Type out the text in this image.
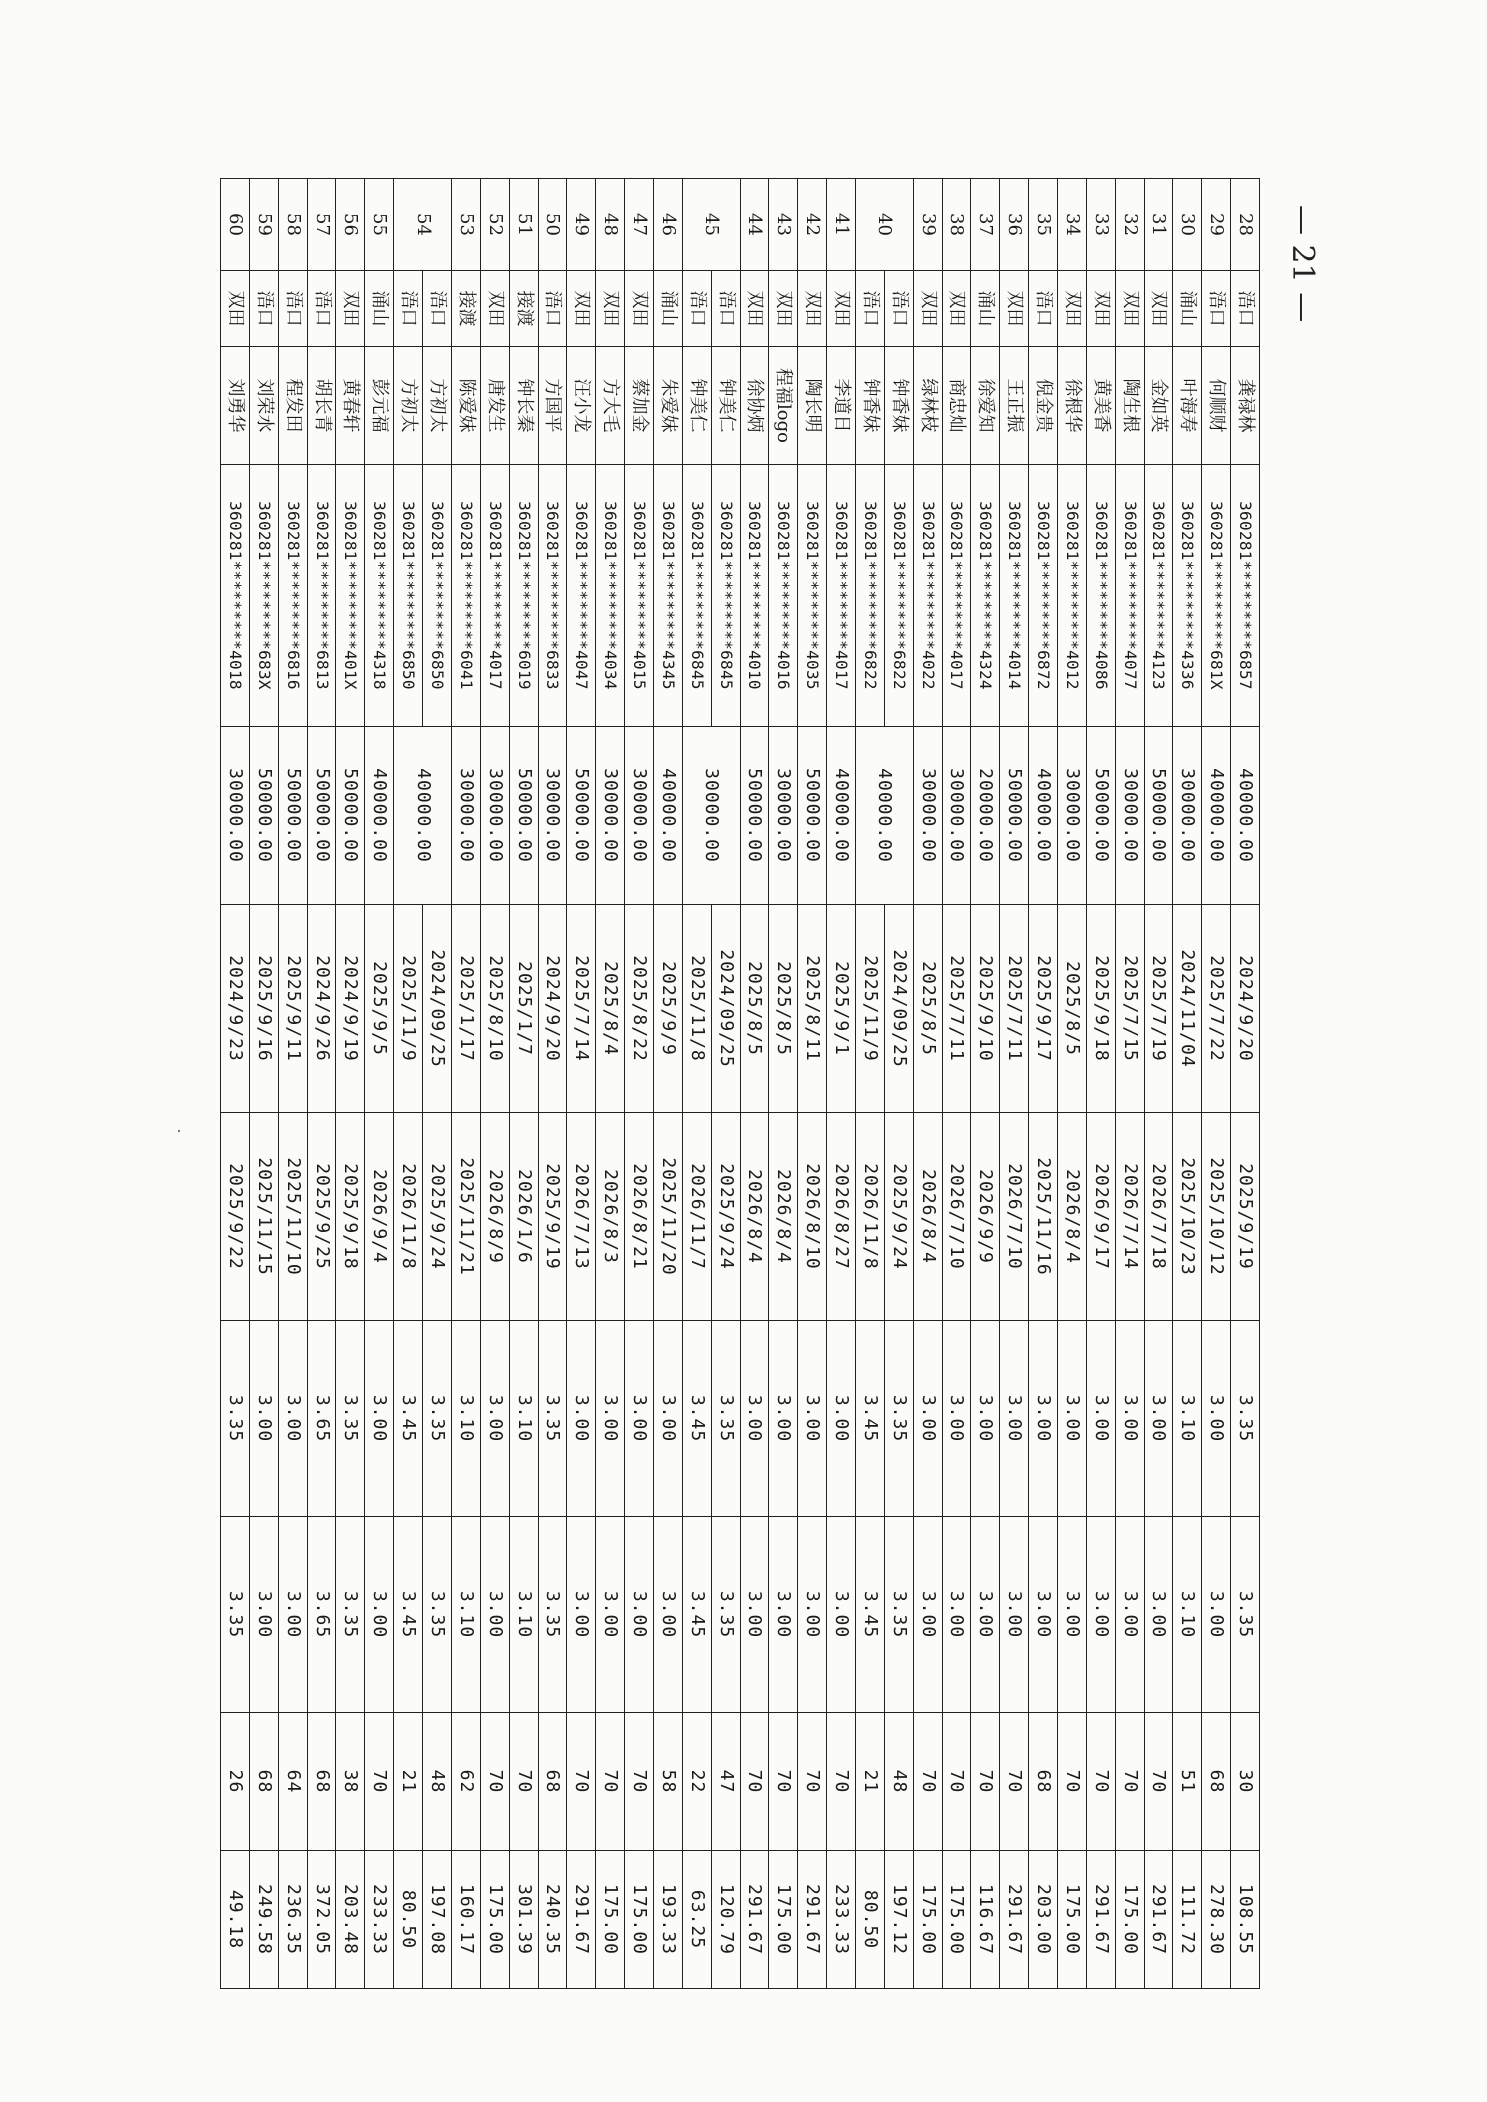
28	浯口	龚禄林	360281*********6857	40000.00	2024/9/20	2025/9/19	3.35	3.35	30	108.55
29	浯口	何顺财	360281*********681X	40000.00	2025/7/22	2025/10/12	3.00	3.00	68	278.30
30	涌山	叶海寿	360281*********4336	30000.00	2024/11/04	2025/10/23	3.10	3.10	51	111.72
31	双田	金如英	360281*********4123	50000.00	2025/7/19	2026/7/18	3.00	3.00	70	291.67
32	双田	陶生根	360281*********4077	30000.00	2025/7/15	2026/7/14	3.00	3.00	70	175.00
33	双田	黄美香	360281*********4086	50000.00	2025/9/18	2026/9/17	3.00	3.00	70	291.67
34	双田	徐根华	360281*********4012	30000.00	2025/8/5	2026/8/4	3.00	3.00	70	175.00
35	浯口	倪金贵	360281*********6872	40000.00	2025/9/17	2025/11/16	3.00	3.00	68	203.00
36	双田	王正振	360281*********4014	50000.00	2025/7/11	2026/7/10	3.00	3.00	70	291.67
37	涌山	徐爱知	360281*********4324	20000.00	2025/9/10	2026/9/9	3.00	3.00	70	116.67
38	双田	商忠灿	360281*********4017	30000.00	2025/7/11	2026/7/10	3.00	3.00	70	175.00
39	双田	绿林枝	360281*********4022	30000.00	2025/8/5	2026/8/4	3.00	3.00	70	175.00
40	浯口	钟香妹	360281*********6822	40000.00	2024/09/25	2025/9/24	3.35	3.35	48	197.12
	浯口	钟香妹	360281*********6822		2025/11/9	2026/11/8	3.45	3.45	21	80.50
41	双田	李道日	360281*********4017	40000.00	2025/9/1	2026/8/27	3.00	3.00	70	233.33
42	双田	陶长明	360281*********4035	50000.00	2025/8/11	2026/8/10	3.00	3.00	70	291.67
43	双田	程福logo	360281*********4016	30000.00	2025/8/5	2026/8/4	3.00	3.00	70	175.00
44	双田	徐协炳	360281*********4010	50000.00	2025/8/5	2026/8/4	3.00	3.00	70	291.67
45	浯口	钟美仁	360281*********6845	30000.00	2024/09/25	2025/9/24	3.35	3.35	47	120.79
	浯口	钟美仁	360281*********6845		2025/11/8	2026/11/7	3.45	3.45	22	63.25
46	涌山	朱爱妹	360281*********4345	40000.00	2025/9/9	2025/11/20	3.00	3.00	58	193.33
47	双田	蔡加金	360281*********4015	30000.00	2025/8/22	2026/8/21	3.00	3.00	70	175.00
48	双田	方大毛	360281*********4034	30000.00	2025/8/4	2026/8/3	3.00	3.00	70	175.00
49	双田	汪小龙	360281*********4047	50000.00	2025/7/14	2026/7/13	3.00	3.00	70	291.67
50	浯口	方国平	360281*********6833	30000.00	2024/9/20	2025/9/19	3.35	3.35	68	240.35
51	接渡	钟长秦	360281*********6019	50000.00	2025/1/7	2026/1/6	3.10	3.10	70	301.39
52	双田	唐发生	360281*********4017	30000.00	2025/8/10	2026/8/9	3.00	3.00	70	175.00
53	接渡	陈爱妹	360281*********6041	30000.00	2025/1/17	2025/11/21	3.10	3.10	62	160.17
54	浯口	方初太	360281*********6850	40000.00	2024/09/25	2025/9/24	3.35	3.35	48	197.08
	浯口	方初太	360281*********6850		2025/11/9	2026/11/8	3.45	3.45	21	80.50
55	涌山	彭元福	360281*********4318	40000.00	2025/9/5	2026/9/4	3.00	3.00	70	233.33
56	双田	黄春轩	360281*********401X	50000.00	2024/9/19	2025/9/18	3.35	3.35	38	203.48
57	浯口	胡长青	360281*********6813	50000.00	2024/9/26	2025/9/25	3.65	3.65	68	372.05
58	浯口	程发田	360281*********6816	50000.00	2025/9/11	2025/11/10	3.00	3.00	64	236.35
59	浯口	刘荣水	360281*********683X	50000.00	2025/9/16	2025/11/15	3.00	3.00	68	249.58
60	双田	刘勇华	360281*********4018	30000.00	2024/9/23	2025/9/22	3.35	3.35	26	49.18
— 21 —
